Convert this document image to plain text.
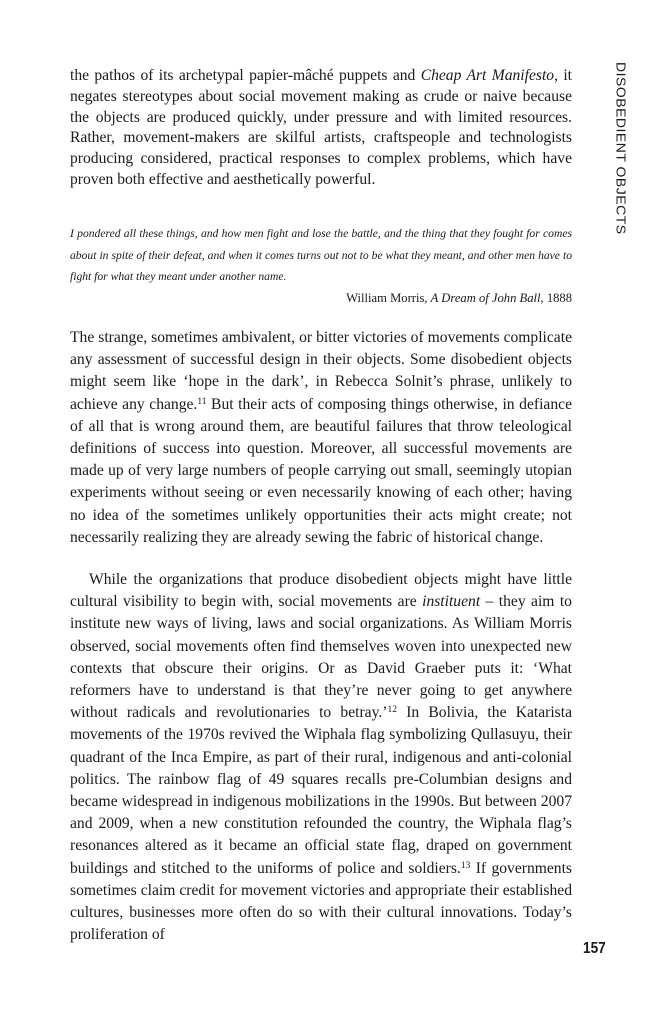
DISOBEDIENT OBJECTS

the pathos of its archetypal papier-mâché puppets and Cheap Art Manifesto, it negates stereotypes about social movement making as crude or naive because the objects are produced quickly, under pressure and with limited resources. Rather, movement-makers are skilful artists, craftspeople and technologists producing considered, practical responses to complex problems, which have proven both effective and aesthetically powerful.

I pondered all these things, and how men fight and lose the battle, and the thing that they fought for comes about in spite of their defeat, and when it comes turns out not to be what they meant, and other men have to fight for what they meant under another name.

William Morris, A Dream of John Ball, 1888

The strange, sometimes ambivalent, or bitter victories of movements complicate any assessment of successful design in their objects. Some disobedient objects might seem like ‘hope in the dark’, in Rebecca Solnit’s phrase, unlikely to achieve any change.$^{11}$ But their acts of composing things otherwise, in defiance of all that is wrong around them, are beautiful failures that throw teleological definitions of success into question. Moreover, all successful movements are made up of very large numbers of people carrying out small, seemingly utopian experiments without seeing or even necessarily knowing of each other; having no idea of the sometimes unlikely opportunities their acts might create; not necessarily realizing they are already sewing the fabric of historical change.

While the organizations that produce disobedient objects might have little cultural visibility to begin with, social movements are instituent – they aim to institute new ways of living, laws and social organizations. As William Morris observed, social movements often find themselves woven into unexpected new contexts that obscure their origins. Or as David Graeber puts it: ‘What reformers have to understand is that they’re never going to get anywhere without radicals and revolutionaries to betray.’$^{12}$ In Bolivia, the Katarista movements of the 1970s revived the Wiphala flag symbolizing Qullasuyu, their quadrant of the Inca Empire, as part of their rural, indigenous and anti-colonial politics. The rainbow flag of 49 squares recalls pre-Columbian designs and became widespread in indigenous mobilizations in the 1990s. But between 2007 and 2009, when a new constitution refounded the country, the Wiphala flag’s resonances altered as it became an official state flag, draped on government buildings and stitched to the uniforms of police and soldiers.$^{13}$ If governments sometimes claim credit for movement victories and appropriate their established cultures, businesses more often do so with their cultural innovations. Today’s proliferation of

157
